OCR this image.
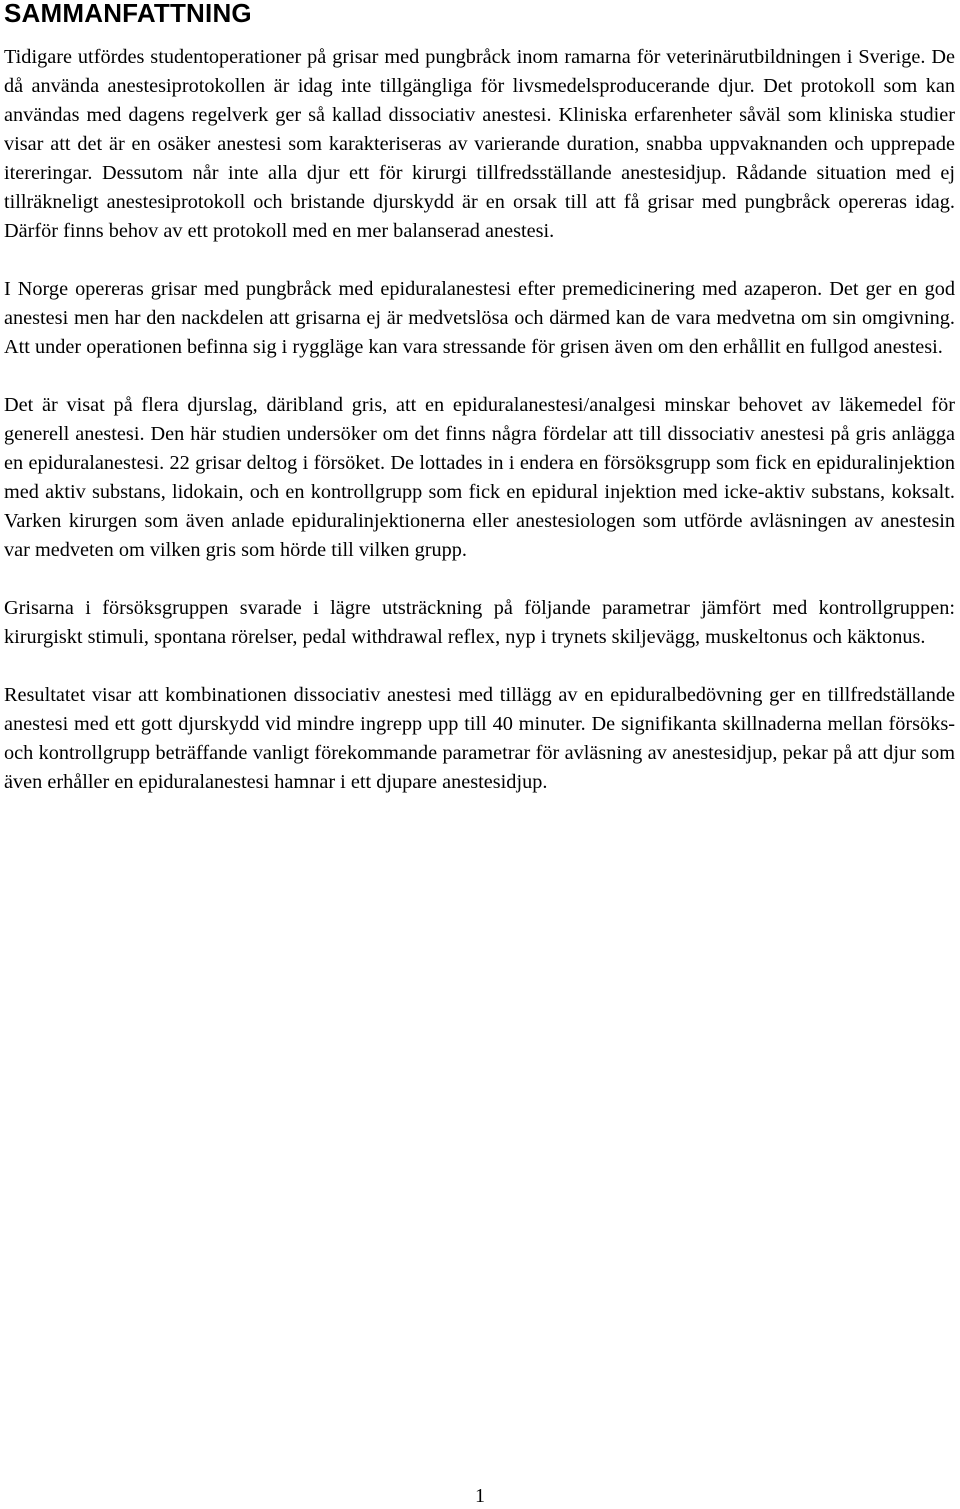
SAMMANFATTNING

Tidigare utfördes studentoperationer på grisar med pungbråck inom ramarna för veterinärutbildningen i Sverige. De då använda anestesiprotokollen är idag inte tillgängliga för livsmedelsproducerande djur. Det protokoll som kan användas med dagens regelverk ger så kallad dissociativ anestesi. Kliniska erfarenheter såväl som kliniska studier visar att det är en osäker anestesi som karakteriseras av varierande duration, snabba uppvaknanden och upprepade itereringar. Dessutom når inte alla djur ett för kirurgi tillfredsställande anestesidjup. Rådande situation med ej tillräkneligt anestesiprotokoll och bristande djurskydd är en orsak till att få grisar med pungbråck opereras idag. Därför finns behov av ett protokoll med en mer balanserad anestesi.

I Norge opereras grisar med pungbråck med epiduralanestesi efter premedicinering med azaperon. Det ger en god anestesi men har den nackdelen att grisarna ej är medvetslösa och därmed kan de vara medvetna om sin omgivning. Att under operationen befinna sig i ryggläge kan vara stressande för grisen även om den erhållit en fullgod anestesi.

Det är visat på flera djurslag, däribland gris, att en epiduralanestesi/analgesi minskar behovet av läkemedel för generell anestesi. Den här studien undersöker om det finns några fördelar att till dissociativ anestesi på gris anlägga en epiduralanestesi. 22 grisar deltog i försöket. De lottades in i endera en försöksgrupp som fick en epiduralinjektion med aktiv substans, lidokain, och en kontrollgrupp som fick en epidural injektion med icke-aktiv substans, koksalt. Varken kirurgen som även anlade epiduralinjektionerna eller anestesiologen som utförde avläsningen av anestesin var medveten om vilken gris som hörde till vilken grupp.

Grisarna i försöksgruppen svarade i lägre utsträckning på följande parametrar jämfört med kontrollgruppen: kirurgiskt stimuli, spontana rörelser, pedal withdrawal reflex, nyp i trynets skiljevägg, muskeltonus och käktonus.

Resultatet visar att kombinationen dissociativ anestesi med tillägg av en epiduralbedövning ger en tillfredställande anestesi med ett gott djurskydd vid mindre ingrepp upp till 40 minuter. De signifikanta skillnaderna mellan försöks- och kontrollgrupp beträffande vanligt förekommande parametrar för avläsning av anestesidjup, pekar på att djur som även erhåller en epiduralanestesi hamnar i ett djupare anestesidjup.

1
